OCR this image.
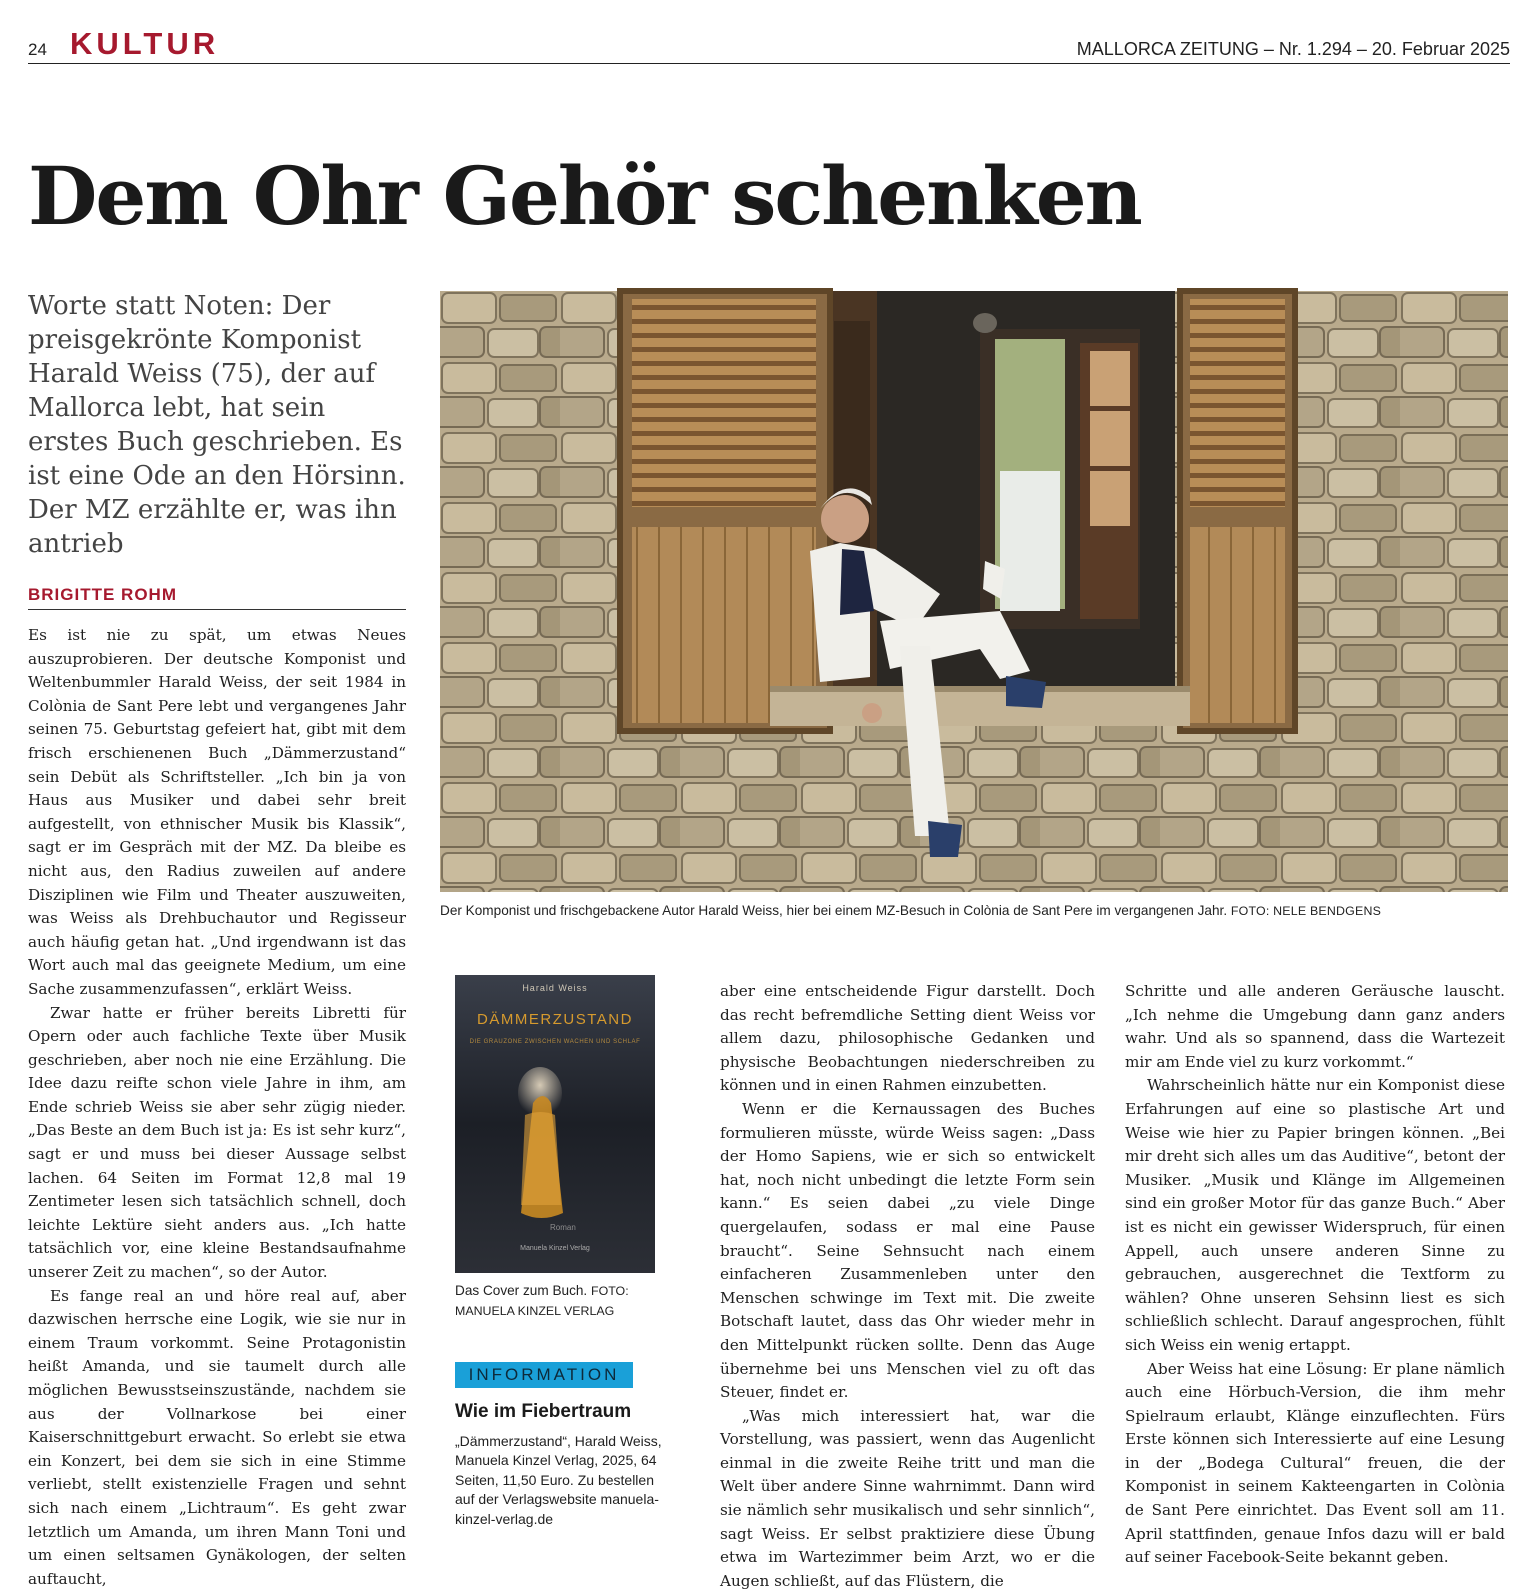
24 KULTUR	MALLORCA ZEITUNG – Nr. 1.294 – 20. Februar 2025
Dem Ohr Gehör schenken

Worte statt Noten: Der preisgekrönte Komponist Harald Weiss (75), der auf Mallorca lebt, hat sein erstes Buch geschrieben. Es ist eine Ode an den Hörsinn. Der MZ erzählte er, was ihn antrieb

BRIGITTE ROHM

Es ist nie zu spät, um etwas Neues auszuprobieren. Der deutsche Komponist und Weltenbummler Harald Weiss, der seit 1984 in Colònia de Sant Pere lebt und vergangenes Jahr seinen 75. Geburtstag gefeiert hat, gibt mit dem frisch erschienenen Buch „Dämmerzustand“ sein Debüt als Schriftsteller. „Ich bin ja von Haus aus Musiker und dabei sehr breit aufgestellt, von ethnischer Musik bis Klassik“, sagt er im Gespräch mit der MZ. Da bleibe es nicht aus, den Radius zuweilen auf andere Disziplinen wie Film und Theater auszuweiten, was Weiss als Drehbuchautor und Regisseur auch häufig getan hat. „Und irgendwann ist das Wort auch mal das geeignete Medium, um eine Sache zusammenzufassen“, erklärt Weiss.

Zwar hatte er früher bereits Libretti für Opern oder auch fachliche Texte über Musik geschrieben, aber noch nie eine Erzählung. Die Idee dazu reifte schon viele Jahre in ihm, am Ende schrieb Weiss sie aber sehr zügig nieder. „Das Beste an dem Buch ist ja: Es ist sehr kurz“, sagt er und muss bei dieser Aussage selbst lachen. 64 Seiten im Format 12,8 mal 19 Zentimeter lesen sich tatsächlich schnell, doch leichte Lektüre sieht anders aus. „Ich hatte tatsächlich vor, eine kleine Bestandsaufnahme unserer Zeit zu machen“, so der Autor.

Es fange real an und höre real auf, aber dazwischen herrsche eine Logik, wie sie nur in einem Traum vorkommt. Seine Protagonistin heißt Amanda, und sie taumelt durch alle möglichen Bewusstseinszustände, nachdem sie aus der Vollnarkose bei einer Kaiserschnittgeburt erwacht. So erlebt sie etwa ein Konzert, bei dem sie sich in eine Stimme verliebt, stellt existenzielle Fragen und sehnt sich nach einem „Lichtraum“. Es geht zwar letztlich um Amanda, um ihren Mann Toni und um einen seltsamen Gynäkologen, der selten auftaucht,

Der Komponist und frischgebackene Autor Harald Weiss, hier bei einem MZ-Besuch in Colònia de Sant Pere im vergangenen Jahr. FOTO: NELE BENDGENS
Harald Weiss
DÄMMERZUSTAND
DIE GRAUZONE ZWISCHEN WACHEN UND SCHLAF
Roman
Manuela Kinzel Verlag
Das Cover zum Buch. FOTO: MANUELA KINZEL VERLAG
INFORMATION
Wie im Fiebertraum
„Dämmerzustand“, Harald Weiss, Manuela Kinzel Verlag, 2025, 64 Seiten, 11,50 Euro. Zu bestellen auf der Verlagswebsite manuela-kinzel-verlag.de

aber eine entscheidende Figur darstellt. Doch das recht befremdliche Setting dient Weiss vor allem dazu, philosophische Gedanken und physische Beobachtungen niederschreiben zu können und in einen Rahmen einzubetten.

Wenn er die Kernaussagen des Buches formulieren müsste, würde Weiss sagen: „Dass der Homo Sapiens, wie er sich so entwickelt hat, noch nicht unbedingt die letzte Form sein kann.“ Es seien dabei „zu viele Dinge quergelaufen, sodass er mal eine Pause braucht“. Seine Sehnsucht nach einem einfacheren Zusammenleben unter den Menschen schwinge im Text mit. Die zweite Botschaft lautet, dass das Ohr wieder mehr in den Mittelpunkt rücken sollte. Denn das Auge übernehme bei uns Menschen viel zu oft das Steuer, findet er.

„Was mich interessiert hat, war die Vorstellung, was passiert, wenn das Augenlicht einmal in die zweite Reihe tritt und man die Welt über andere Sinne wahrnimmt. Dann wird sie nämlich sehr musikalisch und sehr sinnlich“, sagt Weiss. Er selbst praktiziere diese Übung etwa im Wartezimmer beim Arzt, wo er die Augen schließt, auf das Flüstern, die

Schritte und alle anderen Geräusche lauscht. „Ich nehme die Umgebung dann ganz anders wahr. Und als so spannend, dass die Wartezeit mir am Ende viel zu kurz vorkommt.“

Wahrscheinlich hätte nur ein Komponist diese Erfahrungen auf eine so plastische Art und Weise wie hier zu Papier bringen können. „Bei mir dreht sich alles um das Auditive“, betont der Musiker. „Musik und Klänge im Allgemeinen sind ein großer Motor für das ganze Buch.“ Aber ist es nicht ein gewisser Widerspruch, für einen Appell, auch unsere anderen Sinne zu gebrauchen, ausgerechnet die Textform zu wählen? Ohne unseren Sehsinn liest es sich schließlich schlecht. Darauf angesprochen, fühlt sich Weiss ein wenig ertappt.

Aber Weiss hat eine Lösung: Er plane nämlich auch eine Hörbuch-Version, die ihm mehr Spielraum erlaubt, Klänge einzuflechten. Fürs Erste können sich Interessierte auf eine Lesung in der „Bodega Cultural“ freuen, die der Komponist in seinem Kakteengarten in Colònia de Sant Pere einrichtet. Das Event soll am 11. April stattfinden, genaue Infos dazu will er bald auf seiner Facebook-Seite bekannt geben.
